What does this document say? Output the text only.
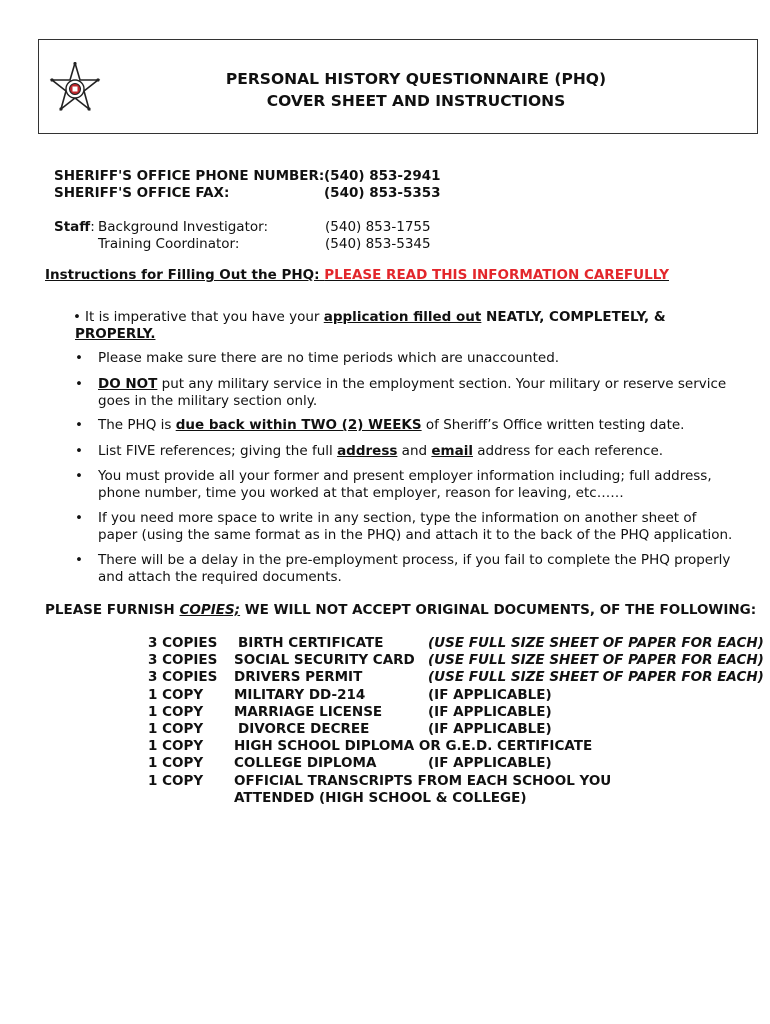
PERSONAL HISTORY QUESTIONNAIRE (PHQ)
COVER SHEET AND INSTRUCTIONS
SHERIFF'S OFFICE PHONE NUMBER: (540) 853-2941
SHERIFF'S OFFICE FAX:	(540) 853-5353
Staff: Background Investigator:	(540) 853-1755
Training Coordinator:	(540) 853-5345
Instructions for Filling Out the PHQ: PLEASE READ THIS INFORMATION CAREFULLY
• It is imperative that you have your application filled out NEATLY, COMPLETELY, &
PROPERLY.
• Please make sure there are no time periods which are unaccounted.
• DO NOT put any military service in the employment section. Your military or reserve service goes in the military section only.
• The PHQ is due back within TWO (2) WEEKS of Sheriff’s Office written testing date.
• List FIVE references; giving the full address and email address for each reference.
• You must provide all your former and present employer information including; full address, phone number, time you worked at that employer, reason for leaving, etc……
• If you need more space to write in any section, type the information on another sheet of paper (using the same format as in the PHQ) and attach it to the back of the PHQ application.
• There will be a delay in the pre-employment process, if you fail to complete the PHQ properly and attach the required documents.
PLEASE FURNISH COPIES; WE WILL NOT ACCEPT ORIGINAL DOCUMENTS, OF THE FOLLOWING:
3 COPIES BIRTH CERTIFICATE	(USE FULL SIZE SHEET OF PAPER FOR EACH)
3 COPIES SOCIAL SECURITY CARD (USE FULL SIZE SHEET OF PAPER FOR EACH)
3 COPIES DRIVERS PERMIT	(USE FULL SIZE SHEET OF PAPER FOR EACH)
1 COPY MILITARY DD-214	(IF APPLICABLE)
1 COPY MARRIAGE LICENSE	(IF APPLICABLE)
1 COPY	DIVORCE DECREE	(IF APPLICABLE)
1 COPY HIGH SCHOOL DIPLOMA OR G.E.D. CERTIFICATE
1 COPY COLLEGE DIPLOMA	(IF APPLICABLE)
1 COPY OFFICIAL TRANSCRIPTS FROM EACH SCHOOL YOU
ATTENDED (HIGH SCHOOL & COLLEGE)
